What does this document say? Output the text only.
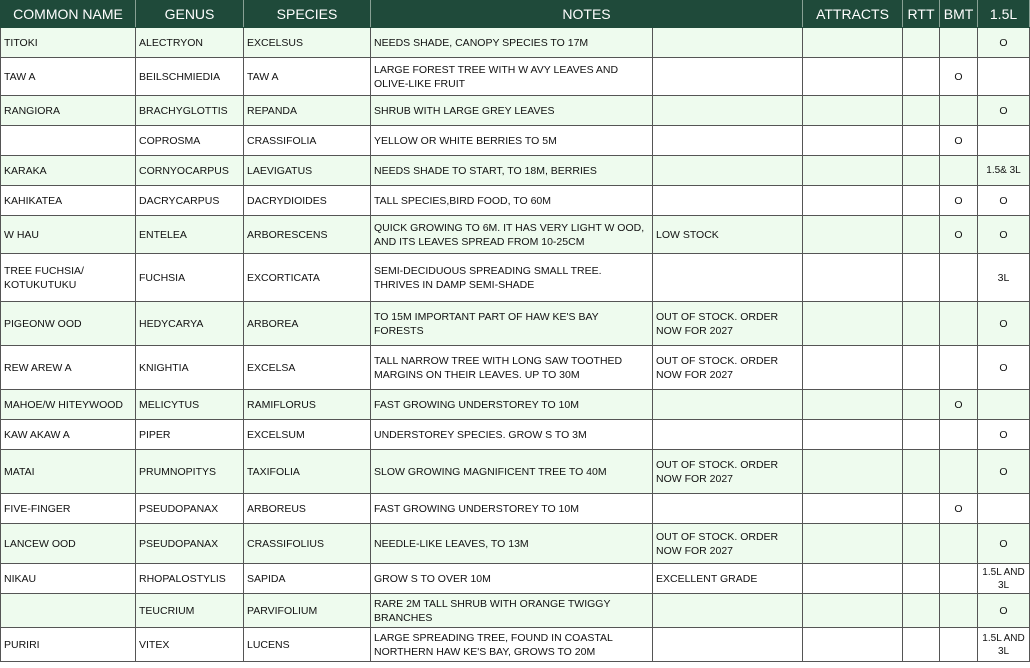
COMMON NAME	GENUS	SPECIES	NOTES		ATTRACTS	RTT	BMT	1.5L
TITOKI	ALECTRYON	EXCELSUS	NEEDS SHADE, CANOPY SPECIES TO 17M					O
TAW A	BEILSCHMIEDIA	TAW A	LARGE FOREST TREE WITH W AVY LEAVES AND OLIVE-LIKE FRUIT				O	
RANGIORA	BRACHYGLOTTIS	REPANDA	SHRUB WITH LARGE GREY LEAVES					O
	COPROSMA	CRASSIFOLIA	YELLOW OR WHITE BERRIES TO 5M				O	
KARAKA	CORNYOCARPUS	LAEVIGATUS	NEEDS SHADE TO START, TO 18M, BERRIES					1.5& 3L
KAHIKATEA	DACRYCARPUS	DACRYDIOIDES	TALL SPECIES,BIRD FOOD, TO 60M				O	O
W HAU	ENTELEA	ARBORESCENS	QUICK GROWING TO 6M. IT HAS VERY LIGHT W OOD, AND ITS LEAVES SPREAD FROM 10-25CM	LOW STOCK			O	O
TREE FUCHSIA/ KOTUKUTUKU	FUCHSIA	EXCORTICATA	SEMI-DECIDUOUS SPREADING SMALL TREE. THRIVES IN DAMP SEMI-SHADE					3L
PIGEONW OOD	HEDYCARYA	ARBOREA	TO 15M IMPORTANT PART OF HAW KE'S BAY FORESTS	OUT OF STOCK. ORDER NOW FOR 2027				O
REW AREW A	KNIGHTIA	EXCELSA	TALL NARROW TREE WITH LONG SAW TOOTHED MARGINS ON THEIR LEAVES. UP TO 30M	OUT OF STOCK. ORDER NOW FOR 2027				O
MAHOE/W HITEYWOOD	MELICYTUS	RAMIFLORUS	FAST GROWING UNDERSTOREY TO 10M				O	
KAW AKAW A	PIPER	EXCELSUM	UNDERSTOREY SPECIES. GROW S TO 3M					O
MATAI	PRUMNOPITYS	TAXIFOLIA	SLOW GROWING MAGNIFICENT TREE TO 40M	OUT OF STOCK. ORDER NOW FOR 2027				O
FIVE-FINGER	PSEUDOPANAX	ARBOREUS	FAST GROWING UNDERSTOREY TO 10M				O	
LANCEW OOD	PSEUDOPANAX	CRASSIFOLIUS	NEEDLE-LIKE LEAVES, TO 13M	OUT OF STOCK. ORDER NOW FOR 2027				O
NIKAU	RHOPALOSTYLIS	SAPIDA	GROW S TO OVER 10M	EXCELLENT GRADE				1.5L AND 3L
	TEUCRIUM	PARVIFOLIUM	RARE 2M TALL SHRUB WITH ORANGE TWIGGY BRANCHES					O
PURIRI	VITEX	LUCENS	LARGE SPREADING TREE, FOUND IN COASTAL NORTHERN HAW KE'S BAY, GROWS TO 20M					1.5L AND 3L
